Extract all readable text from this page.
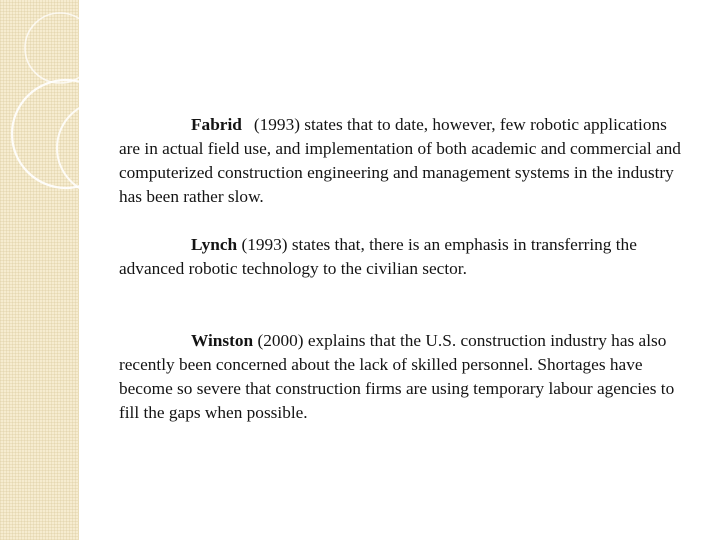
Fabrid (1993) states that to date, however, few robotic applications are in actual field use, and implementation of both academic and commercial and computerized construction engineering and management systems in the industry has been rather slow.

Lynch (1993) states that, there is an emphasis in transferring the advanced robotic technology to the civilian sector.

Winston (2000) explains that the U.S. construction industry has also recently been concerned about the lack of skilled personnel. Shortages have become so severe that construction firms are using temporary labour agencies to fill the gaps when possible.
